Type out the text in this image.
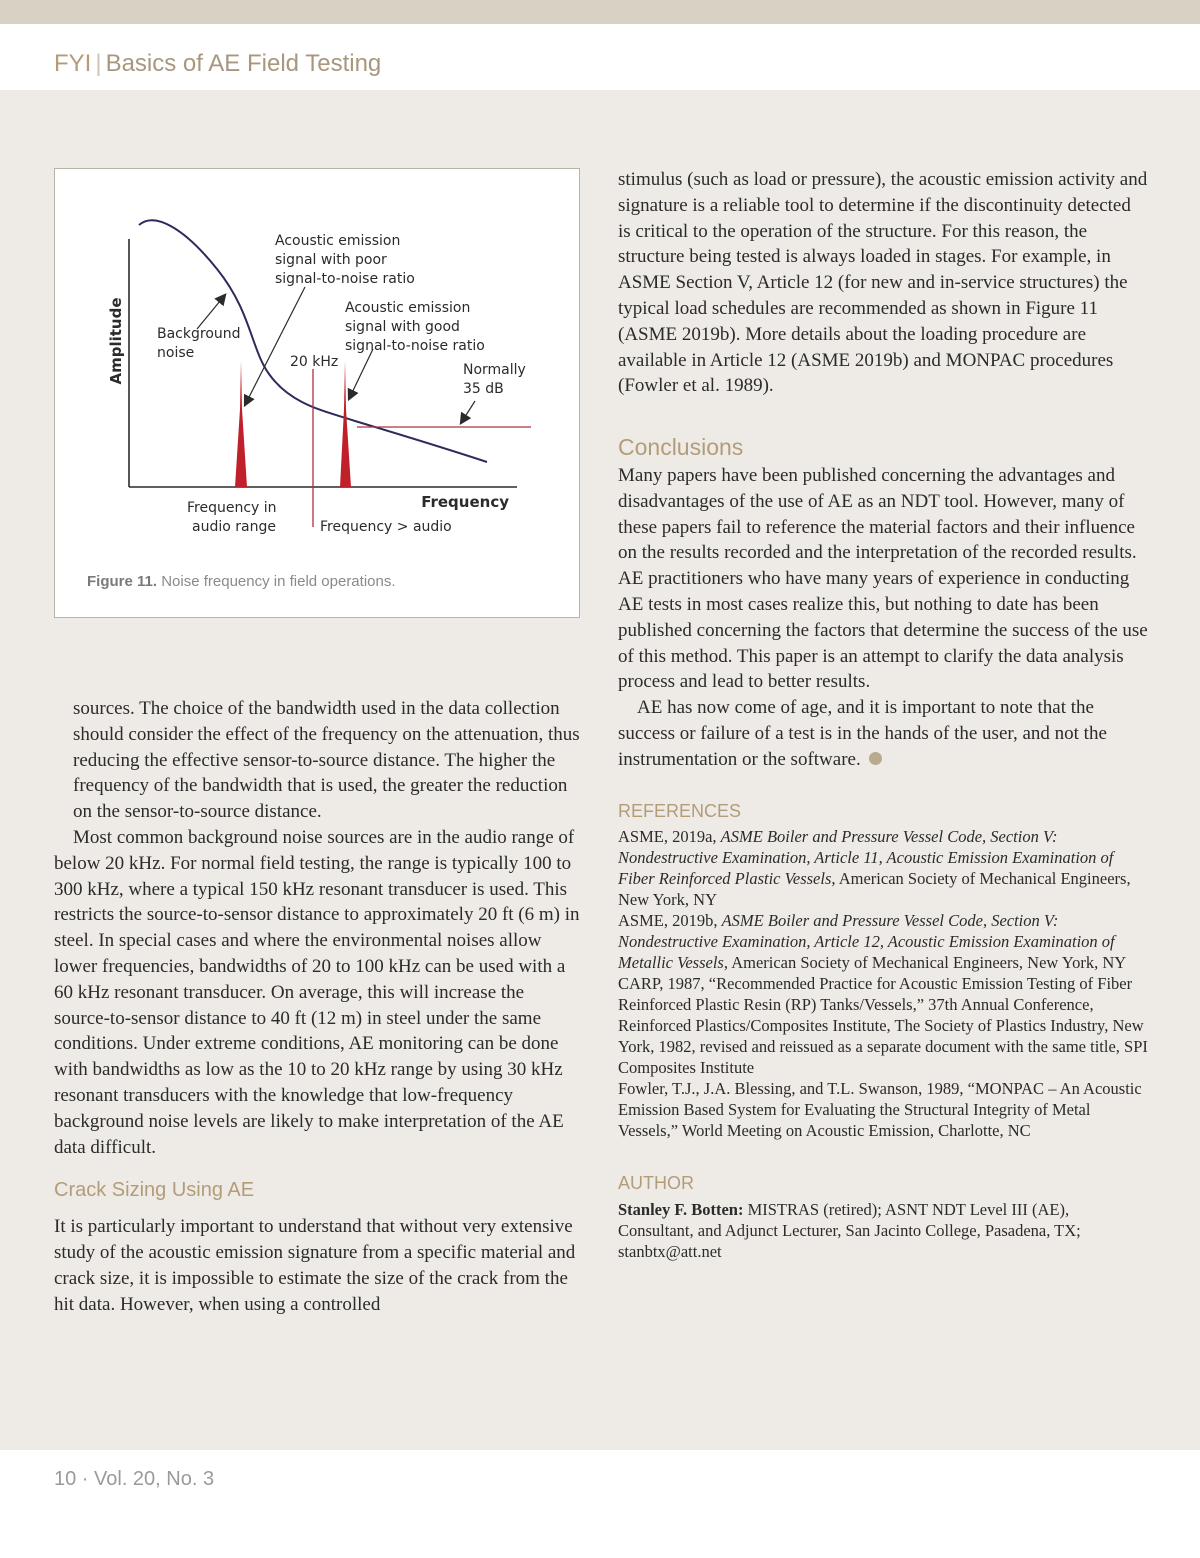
FYI | Basics of AE Field Testing
Amplitude
Frequency
Acoustic emission signal with poor signal-to-noise ratio
Acoustic emission signal with good signal-to-noise ratio
Background noise
20 kHz	Normally 35 dB
Frequency in audio range	Frequency > audio
Figure 11. Noise frequency in field operations.

sources. The choice of the bandwidth used in the data collection should consider the effect of the frequency on the attenuation, thus reducing the effective sensor-to-source distance. The higher the frequency of the bandwidth that is used, the greater the reduction on the sensor-to-source distance.

Most common background noise sources are in the audio range of below 20 kHz. For normal field testing, the range is typically 100 to 300 kHz, where a typical 150 kHz resonant transducer is used. This restricts the source-to-sensor distance to approximately 20 ft (6 m) in steel. In special cases and where the environmental noises allow lower frequencies, bandwidths of 20 to 100 kHz can be used with a 60 kHz resonant transducer. On average, this will increase the source-to-sensor distance to 40 ft (12 m) in steel under the same conditions. Under extreme conditions, AE monitoring can be done with bandwidths as low as the 10 to 20 kHz range by using 30 kHz resonant transducers with the knowledge that low-frequency background noise levels are likely to make interpretation of the AE data difficult.

Crack Sizing Using AE

It is particularly important to understand that without very extensive study of the acoustic emission signature from a specific material and crack size, it is impossible to estimate the size of the crack from the hit data. However, when using a controlled

stimulus (such as load or pressure), the acoustic emission activity and signature is a reliable tool to determine if the discontinuity detected is critical to the operation of the structure. For this reason, the structure being tested is always loaded in stages. For example, in ASME Section V, Article 12 (for new and in-service structures) the typical load schedules are recommended as shown in Figure 11 (ASME 2019b). More details about the loading procedure are available in Article 12 (ASME 2019b) and MONPAC procedures (Fowler et al. 1989).

Conclusions

Many papers have been published concerning the advantages and disadvantages of the use of AE as an NDT tool. However, many of these papers fail to reference the material factors and their influence on the results recorded and the interpretation of the recorded results. AE practitioners who have many years of experience in conducting AE tests in most cases realize this, but nothing to date has been published concerning the factors that determine the success of the use of this method. This paper is an attempt to clarify the data analysis process and lead to better results.

AE has now come of age, and it is important to note that the success or failure of a test is in the hands of the user, and not the instrumentation or the software.

REFERENCES

ASME, 2019a, ASME Boiler and Pressure Vessel Code, Section V: Nondestructive Examination, Article 11, Acoustic Emission Examination of Fiber Reinforced Plastic Vessels, American Society of Mechanical Engineers, New York, NY

ASME, 2019b, ASME Boiler and Pressure Vessel Code, Section V: Nondestructive Examination, Article 12, Acoustic Emission Examination of Metallic Vessels, American Society of Mechanical Engineers, New York, NY

CARP, 1987, “Recommended Practice for Acoustic Emission Testing of Fiber Reinforced Plastic Resin (RP) Tanks/Vessels,” 37th Annual Conference, Reinforced Plastics/Composites Institute, The Society of Plastics Industry, New York, 1982, revised and reissued as a separate document with the same title, SPI Composites Institute

Fowler, T.J., J.A. Blessing, and T.L. Swanson, 1989, “MONPAC – An Acoustic Emission Based System for Evaluating the Structural Integrity of Metal Vessels,” World Meeting on Acoustic Emission, Charlotte, NC

AUTHOR

Stanley F. Botten: MISTRAS (retired); ASNT NDT Level III (AE), Consultant, and Adjunct Lecturer, San Jacinto College, Pasadena, TX; stanbtx@att.net

10 · Vol. 20, No. 3
